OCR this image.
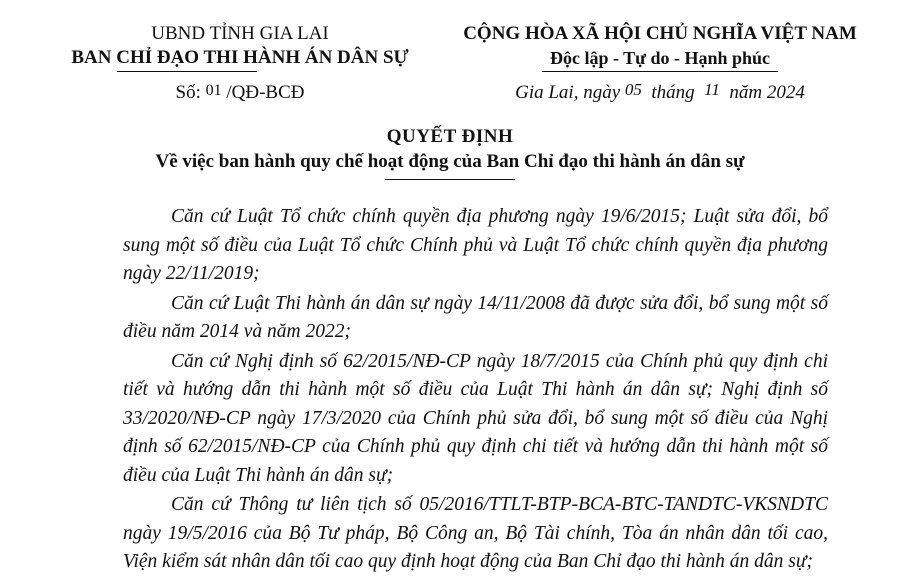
UBND TỈNH GIA LAI
BAN CHỈ ĐẠO THI HÀNH ÁN DÂN SỰ
CỘNG HÒA XÃ HỘI CHỦ NGHĨA VIỆT NAM
Độc lập - Tự do - Hạnh phúc
Số: 01 /QĐ-BCĐ	Gia Lai, ngày 05 tháng 11 năm 2024
QUYẾT ĐỊNH
Về việc ban hành quy chế hoạt động của Ban Chỉ đạo thi hành án dân sự

Căn cứ Luật Tổ chức chính quyền địa phương ngày 19/6/2015; Luật sửa đổi, bổ sung một số điều của Luật Tổ chức Chính phủ và Luật Tổ chức chính quyền địa phương ngày 22/11/2019;

Căn cứ Luật Thi hành án dân sự ngày 14/11/2008 đã được sửa đổi, bổ sung một số điều năm 2014 và năm 2022;

Căn cứ Nghị định số 62/2015/NĐ-CP ngày 18/7/2015 của Chính phủ quy định chi tiết và hướng dẫn thi hành một số điều của Luật Thi hành án dân sự; Nghị định số 33/2020/NĐ-CP ngày 17/3/2020 của Chính phủ sửa đổi, bổ sung một số điều của Nghị định số 62/2015/NĐ-CP của Chính phủ quy định chi tiết và hướng dẫn thi hành một số điều của Luật Thi hành án dân sự;

Căn cứ Thông tư liên tịch số 05/2016/TTLT-BTP-BCA-BTC-TANDTC-VKSNDTC ngày 19/5/2016 của Bộ Tư pháp, Bộ Công an, Bộ Tài chính, Tòa án nhân dân tối cao, Viện kiểm sát nhân dân tối cao quy định hoạt động của Ban Chỉ đạo thi hành án dân sự;
